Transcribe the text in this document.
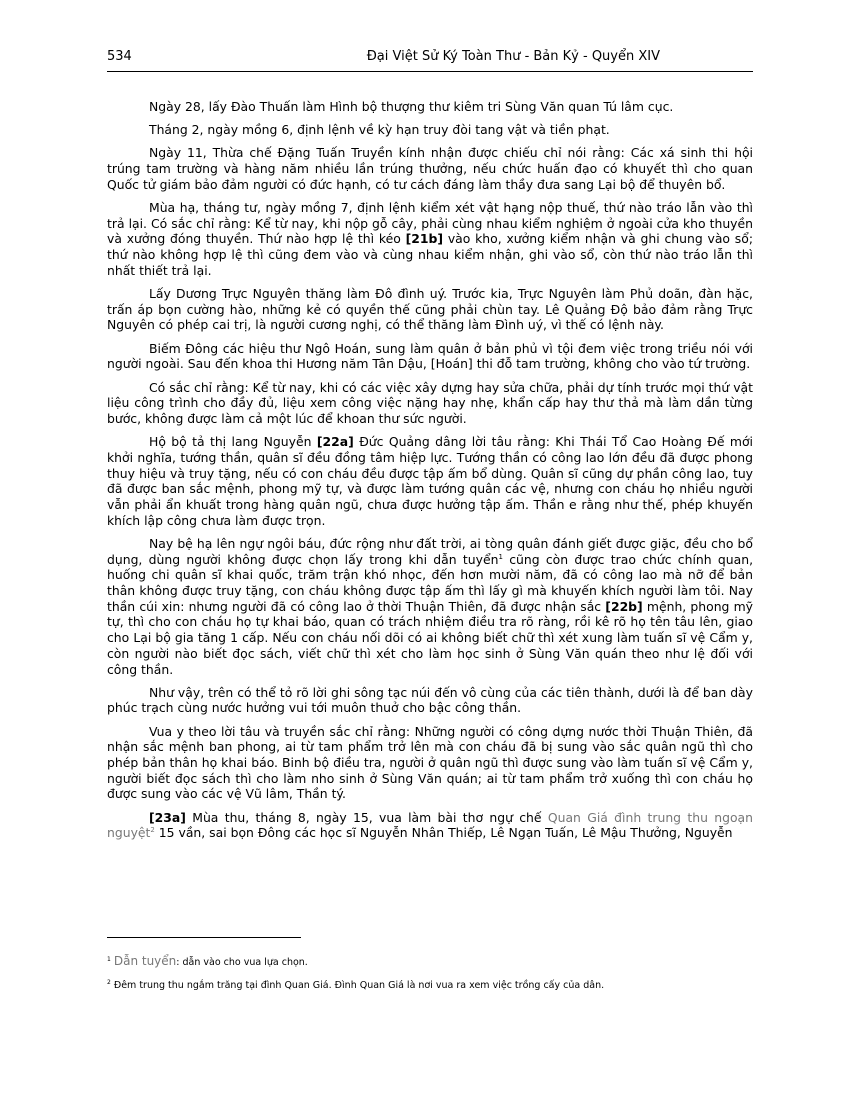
534	Đại Việt Sử Ký Toàn Thư - Bản Kỷ - Quyển XIV

Ngày 28, lấy Đào Thuấn làm Hình bộ thượng thư kiêm tri Sùng Văn quan Tú lâm cục.

Tháng 2, ngày mồng 6, định lệnh về kỳ hạn truy đòi tang vật và tiền phạt.

Ngày 11, Thừa chế Đặng Tuấn Truyền kính nhận được chiếu chỉ nói rằng: Các xá sinh thi hội trúng tam trường và hàng năm nhiều lần trúng thưởng, nếu chức huấn đạo có khuyết thì cho quan Quốc tử giám bảo đảm người có đức hạnh, có tư cách đáng làm thầy đưa sang Lại bộ để thuyên bổ.

Mùa hạ, tháng tư, ngày mồng 7, định lệnh kiểm xét vật hạng nộp thuế, thứ nào tráo lẫn vào thì trả lại. Có sắc chỉ rằng: Kể từ nay, khi nộp gỗ cây, phải cùng nhau kiểm nghiệm ở ngoài cửa kho thuyền và xưởng đóng thuyền. Thứ nào hợp lệ thì kéo [21b] vào kho, xưởng kiểm nhận và ghi chung vào sổ; thứ nào không hợp lệ thì cũng đem vào và cùng nhau kiểm nhận, ghi vào sổ, còn thứ nào tráo lẫn thì nhất thiết trả lại.

Lấy Dương Trực Nguyên thăng làm Đô đình uý. Trước kia, Trực Nguyên làm Phủ doãn, đàn hặc, trấn áp bọn cường hào, những kẻ có quyền thế cũng phải chùn tay. Lê Quảng Độ bảo đảm rằng Trực Nguyên có phép cai trị, là người cương nghị, có thể thăng làm Đình uý, vì thế có lệnh này.

Biếm Đông các hiệu thư Ngô Hoán, sung làm quân ở bản phủ vì tội đem việc trong triều nói với người ngoài. Sau đến khoa thi Hương năm Tân Dậu, [Hoán] thi đỗ tam trường, không cho vào tứ trường.

Có sắc chỉ rằng: Kể từ nay, khi có các việc xây dựng hay sửa chữa, phải dự tính trước mọi thứ vật liệu công trình cho đầy đủ, liệu xem công việc nặng hay nhẹ, khẩn cấp hay thư thả mà làm dần từng bước, không được làm cả một lúc để khoan thư sức người.

Hộ bộ tả thị lang Nguyễn [22a] Đức Quảng dâng lời tâu rằng: Khi Thái Tổ Cao Hoàng Đế mới khởi nghĩa, tướng thần, quân sĩ đều đồng tâm hiệp lực. Tướng thần có công lao lớn đều đã được phong thuy hiệu và truy tặng, nếu có con cháu đều được tập ấm bổ dùng. Quân sĩ cũng dự phần công lao, tuy đã được ban sắc mệnh, phong mỹ tự, và được làm tướng quân các vệ, nhưng con cháu họ nhiều người vẫn phải ẩn khuất trong hàng quân ngũ, chưa được hưởng tập ấm. Thần e rằng như thế, phép khuyến khích lập công chưa làm được trọn.

Nay bệ hạ lên ngự ngôi báu, đức rộng như đất trời, ai tòng quân đánh giết được giặc, đều cho bổ dụng, dùng người không được chọn lấy trong khi dẫn tuyển$^1$ cũng còn được trao chức chính quan, huống chi quân sĩ khai quốc, trăm trận khó nhọc, đến hơn mười năm, đã có công lao mà nỡ để bản thân không được truy tặng, con cháu không được tập ấm thì lấy gì mà khuyến khích người làm tôi. Nay thần cúi xin: nhưng người đã có công lao ở thời Thuận Thiên, đã được nhận sắc [22b] mệnh, phong mỹ tự, thì cho con cháu họ tự khai báo, quan có trách nhiệm điều tra rõ ràng, rồi kê rõ họ tên tâu lên, giao cho Lại bộ gia tăng 1 cấp. Nếu con cháu nối dõi có ai không biết chữ thì xét xung làm tuấn sĩ vệ Cẩm y, còn người nào biết đọc sách, viết chữ thì xét cho làm học sinh ở Sùng Văn quán theo như lệ đối với công thần.

Như vậy, trên có thể tỏ rõ lời ghi sông tạc núi đến vô cùng của các tiên thành, dưới là để ban dày phúc trạch cùng nước hưởng vui tới muôn thuở cho bậc công thần.

Vua y theo lời tâu và truyền sắc chỉ rằng: Những người có công dựng nước thời Thuận Thiên, đã nhận sắc mệnh ban phong, ai từ tam phẩm trở lên mà con cháu đã bị sung vào sắc quân ngũ thì cho phép bản thân họ khai báo. Binh bộ điều tra, người ở quân ngũ thì được sung vào làm tuấn sĩ vệ Cẩm y, người biết đọc sách thì cho làm nho sinh ở Sùng Văn quán; ai từ tam phẩm trở xuống thì con cháu họ được sung vào các vệ Vũ lâm, Thần tý.

[23a] Mùa thu, tháng 8, ngày 15, vua làm bài thơ ngự chế Quan Giá đình trung thu ngoạn nguyệt$^2$ 15 vần, sai bọn Đông các học sĩ Nguyễn Nhân Thiếp, Lê Ngạn Tuấn, Lê Mậu Thưởng, Nguyễn

$^1$ Dẫn tuyển: dẫn vào cho vua lựa chọn.
$^2$ Đêm trung thu ngắm trăng tại đình Quan Giá. Đình Quan Giá là nơi vua ra xem việc trồng cấy của dân.
